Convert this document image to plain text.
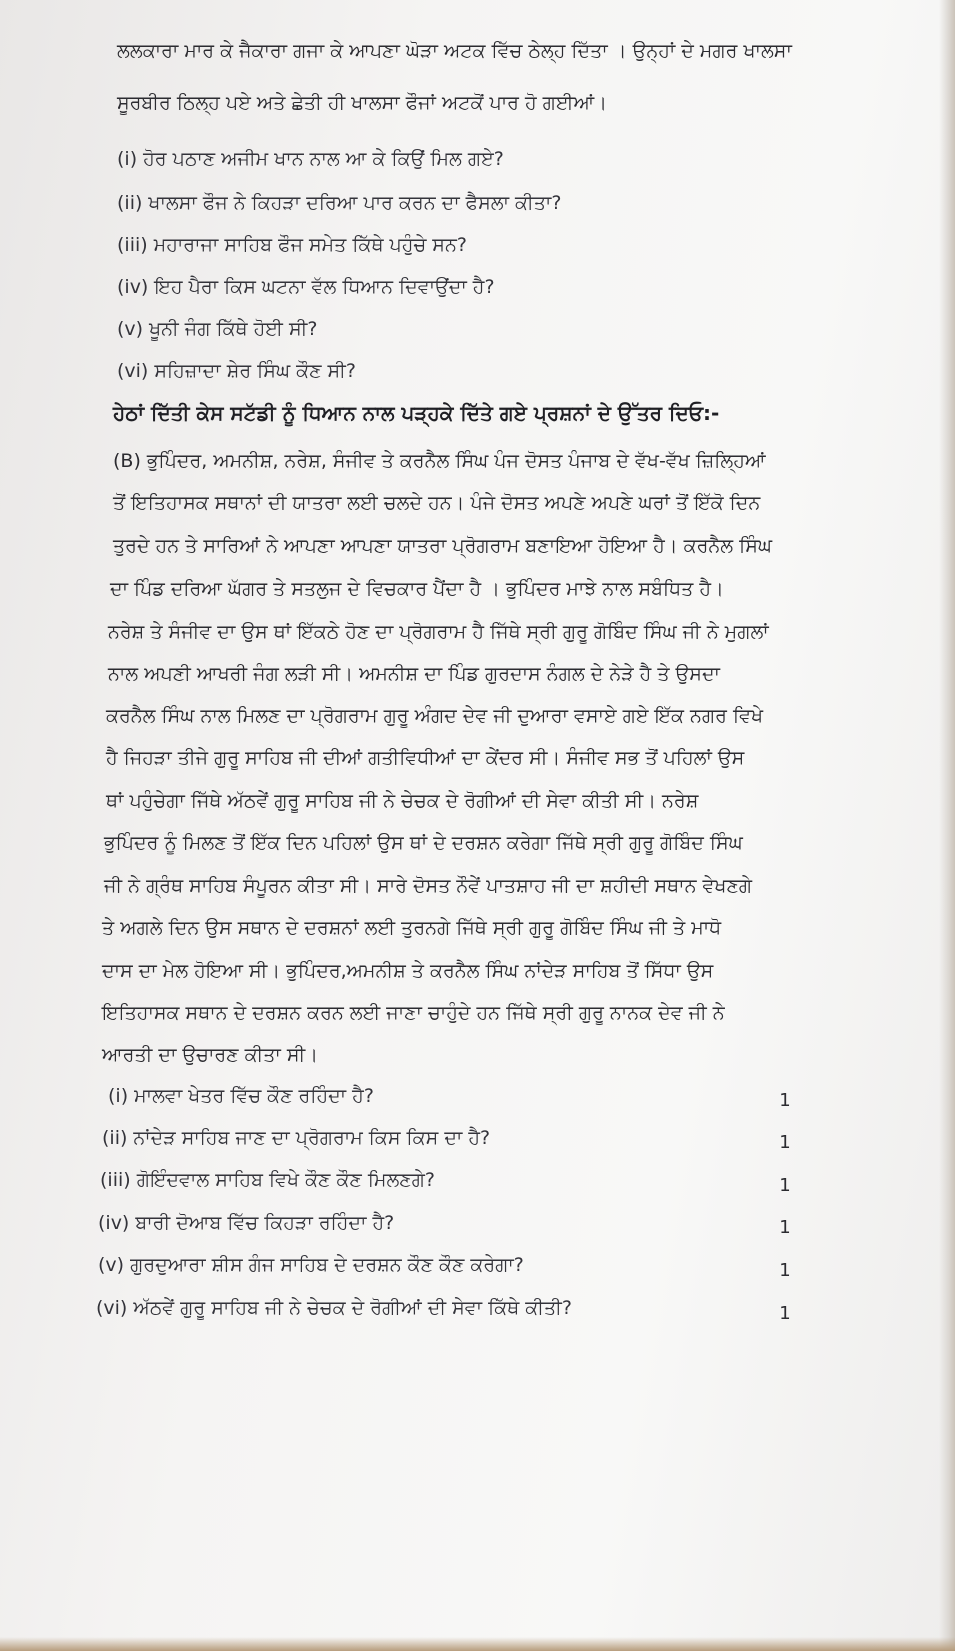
ਲਲਕਾਰਾ ਮਾਰ ਕੇ ਜੈਕਾਰਾ ਗਜਾ ਕੇ ਆਪਣਾ ਘੋੜਾ ਅਟਕ ਵਿੱਚ ਠੇਲ੍ਹ ਦਿੱਤਾ । ਉਨ੍ਹਾਂ ਦੇ ਮਗਰ ਖਾਲਸਾ
ਸੂਰਬੀਰ ਠਿਲ੍ਹ ਪਏ ਅਤੇ ਛੇਤੀ ਹੀ ਖਾਲਸਾ ਫੌਜਾਂ ਅਟਕੋਂ ਪਾਰ ਹੋ ਗਈਆਂ।
(i) ਹੋਰ ਪਠਾਣ ਅਜੀਮ ਖਾਨ ਨਾਲ ਆ ਕੇ ਕਿਉਂ ਮਿਲ ਗਏ?
(ii) ਖਾਲਸਾ ਫੌਜ ਨੇ ਕਿਹੜਾ ਦਰਿਆ ਪਾਰ ਕਰਨ ਦਾ ਫੈਸਲਾ ਕੀਤਾ?
(iii) ਮਹਾਰਾਜਾ ਸਾਹਿਬ ਫੌਜ ਸਮੇਤ ਕਿੱਥੇ ਪਹੁੰਚੇ ਸਨ?
(iv) ਇਹ ਪੈਰਾ ਕਿਸ ਘਟਨਾ ਵੱਲ ਧਿਆਨ ਦਿਵਾਉਂਦਾ ਹੈ?
(v) ਖੂਨੀ ਜੰਗ ਕਿੱਥੇ ਹੋਈ ਸੀ?
(vi) ਸਹਿਜ਼ਾਦਾ ਸ਼ੇਰ ਸਿੰਘ ਕੌਣ ਸੀ?
ਹੇਠਾਂ ਦਿੱਤੀ ਕੇਸ ਸਟੱਡੀ ਨੂੰ ਧਿਆਨ ਨਾਲ ਪੜ੍ਹਕੇ ਦਿੱਤੇ ਗਏ ਪ੍ਰਸ਼ਨਾਂ ਦੇ ਉੱਤਰ ਦਿਓ:-
(B) ਭੁਪਿੰਦਰ, ਅਮਨੀਸ਼, ਨਰੇਸ਼, ਸੰਜੀਵ ਤੇ ਕਰਨੈਲ ਸਿੰਘ ਪੰਜ ਦੋਸਤ ਪੰਜਾਬ ਦੇ ਵੱਖ-ਵੱਖ ਜ਼ਿਲ੍ਹਿਆਂ
ਤੋਂ ਇਤਿਹਾਸਕ ਸਥਾਨਾਂ ਦੀ ਯਾਤਰਾ ਲਈ ਚਲਦੇ ਹਨ। ਪੰਜੇ ਦੋਸਤ ਅਪਣੇ ਅਪਣੇ ਘਰਾਂ ਤੋਂ ਇੱਕੋ ਦਿਨ
ਤੁਰਦੇ ਹਨ ਤੇ ਸਾਰਿਆਂ ਨੇ ਆਪਣਾ ਆਪਣਾ ਯਾਤਰਾ ਪ੍ਰੋਗਰਾਮ ਬਣਾਇਆ ਹੋਇਆ ਹੈ। ਕਰਨੈਲ ਸਿੰਘ
ਦਾ ਪਿੰਡ ਦਰਿਆ ਘੱਗਰ ਤੇ ਸਤਲੁਜ ਦੇ ਵਿਚਕਾਰ ਪੈਂਦਾ ਹੈ । ਭੁਪਿੰਦਰ ਮਾਝੇ ਨਾਲ ਸਬੰਧਿਤ ਹੈ।
ਨਰੇਸ਼ ਤੇ ਸੰਜੀਵ ਦਾ ਉਸ ਥਾਂ ਇੱਕਠੇ ਹੋਣ ਦਾ ਪ੍ਰੋਗਰਾਮ ਹੈ ਜਿੱਥੇ ਸ੍ਰੀ ਗੁਰੂ ਗੋਬਿੰਦ ਸਿੰਘ ਜੀ ਨੇ ਮੁਗਲਾਂ
ਨਾਲ ਅਪਣੀ ਆਖਰੀ ਜੰਗ ਲੜੀ ਸੀ। ਅਮਨੀਸ਼ ਦਾ ਪਿੰਡ ਗੁਰਦਾਸ ਨੰਗਲ ਦੇ ਨੇੜੇ ਹੈ ਤੇ ਉਸਦਾ
ਕਰਨੈਲ ਸਿੰਘ ਨਾਲ ਮਿਲਣ ਦਾ ਪ੍ਰੋਗਰਾਮ ਗੁਰੂ ਅੰਗਦ ਦੇਵ ਜੀ ਦੁਆਰਾ ਵਸਾਏ ਗਏ ਇੱਕ ਨਗਰ ਵਿਖੇ
ਹੈ ਜਿਹੜਾ ਤੀਜੇ ਗੁਰੂ ਸਾਹਿਬ ਜੀ ਦੀਆਂ ਗਤੀਵਿਧੀਆਂ ਦਾ ਕੇਂਦਰ ਸੀ। ਸੰਜੀਵ ਸਭ ਤੋਂ ਪਹਿਲਾਂ ਉਸ
ਥਾਂ ਪਹੁੰਚੇਗਾ ਜਿੱਥੇ ਅੱਠਵੇਂ ਗੁਰੂ ਸਾਹਿਬ ਜੀ ਨੇ ਚੇਚਕ ਦੇ ਰੋਗੀਆਂ ਦੀ ਸੇਵਾ ਕੀਤੀ ਸੀ। ਨਰੇਸ਼
ਭੁਪਿੰਦਰ ਨੂੰ ਮਿਲਣ ਤੋਂ ਇੱਕ ਦਿਨ ਪਹਿਲਾਂ ਉਸ ਥਾਂ ਦੇ ਦਰਸ਼ਨ ਕਰੇਗਾ ਜਿੱਥੇ ਸ੍ਰੀ ਗੁਰੂ ਗੋਬਿੰਦ ਸਿੰਘ
ਜੀ ਨੇ ਗ੍ਰੰਥ ਸਾਹਿਬ ਸੰਪੂਰਨ ਕੀਤਾ ਸੀ। ਸਾਰੇ ਦੋਸਤ ਨੌਵੇਂ ਪਾਤਸ਼ਾਹ ਜੀ ਦਾ ਸ਼ਹੀਦੀ ਸਥਾਨ ਵੇਖਣਗੇ
ਤੇ ਅਗਲੇ ਦਿਨ ਉਸ ਸਥਾਨ ਦੇ ਦਰਸ਼ਨਾਂ ਲਈ ਤੁਰਨਗੇ ਜਿੱਥੇ ਸ੍ਰੀ ਗੁਰੂ ਗੋਬਿੰਦ ਸਿੰਘ ਜੀ ਤੇ ਮਾਧੋ
ਦਾਸ ਦਾ ਮੇਲ ਹੋਇਆ ਸੀ। ਭੁਪਿੰਦਰ,ਅਮਨੀਸ਼ ਤੇ ਕਰਨੈਲ ਸਿੰਘ ਨਾਂਦੇੜ ਸਾਹਿਬ ਤੋਂ ਸਿੱਧਾ ਉਸ
ਇਤਿਹਾਸਕ ਸਥਾਨ ਦੇ ਦਰਸ਼ਨ ਕਰਨ ਲਈ ਜਾਣਾ ਚਾਹੁੰਦੇ ਹਨ ਜਿੱਥੇ ਸ੍ਰੀ ਗੁਰੂ ਨਾਨਕ ਦੇਵ ਜੀ ਨੇ
ਆਰਤੀ ਦਾ ਉਚਾਰਣ ਕੀਤਾ ਸੀ।
(i) ਮਾਲਵਾ ਖੇਤਰ ਵਿੱਚ ਕੌਣ ਰਹਿੰਦਾ ਹੈ?	1
(ii) ਨਾਂਦੇੜ ਸਾਹਿਬ ਜਾਣ ਦਾ ਪ੍ਰੋਗਰਾਮ ਕਿਸ ਕਿਸ ਦਾ ਹੈ?	1
(iii) ਗੋਇੰਦਵਾਲ ਸਾਹਿਬ ਵਿਖੇ ਕੌਣ ਕੌਣ ਮਿਲਣਗੇ?	1
(iv) ਬਾਰੀ ਦੋਆਬ ਵਿੱਚ ਕਿਹੜਾ ਰਹਿੰਦਾ ਹੈ?	1
(v) ਗੁਰਦੁਆਰਾ ਸ਼ੀਸ ਗੰਜ ਸਾਹਿਬ ਦੇ ਦਰਸ਼ਨ ਕੌਣ ਕੌਣ ਕਰੇਗਾ?	1
(vi) ਅੱਠਵੇਂ ਗੁਰੂ ਸਾਹਿਬ ਜੀ ਨੇ ਚੇਚਕ ਦੇ ਰੋਗੀਆਂ ਦੀ ਸੇਵਾ ਕਿੱਥੇ ਕੀਤੀ?	1
